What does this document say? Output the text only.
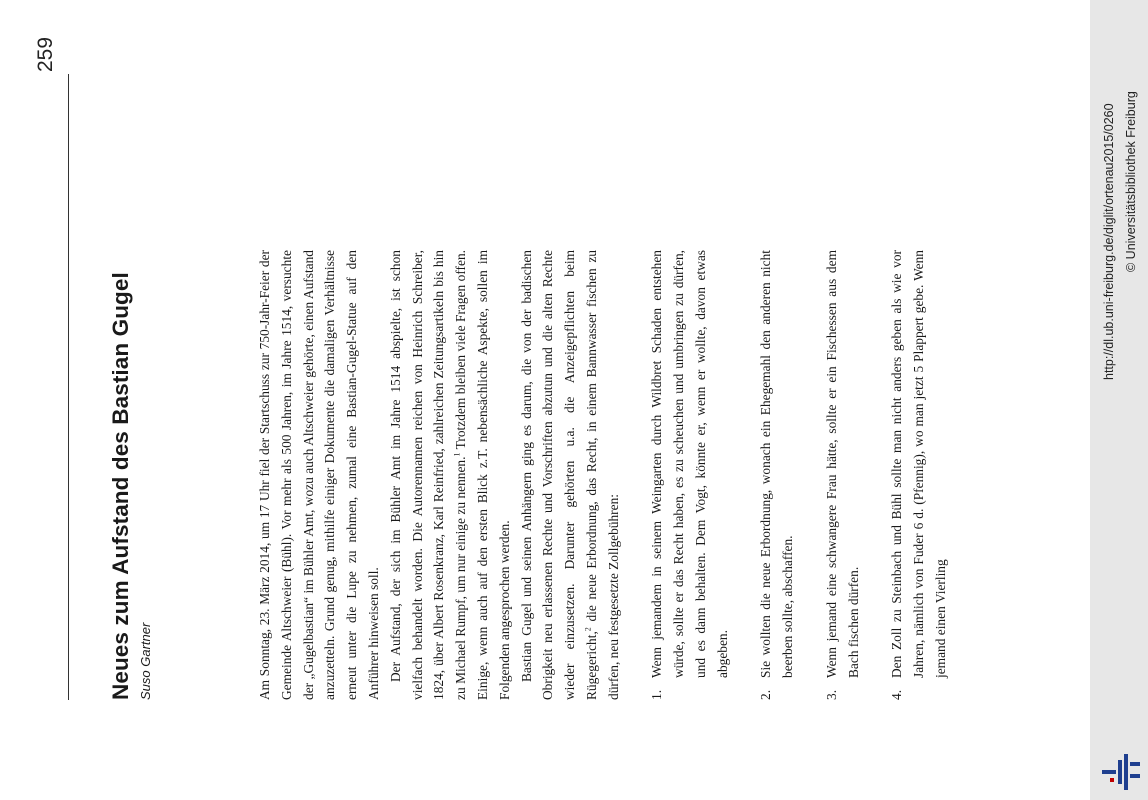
259
Neues zum Aufstand des Bastian Gugel Suso Gartner	Am Sonntag, 23. März 2014, um 17 Uhr fiel der Startschuss zur 750-Jahr-Feier der Gemeinde Altschweier (Bühl). Vor mehr als 500 Jahren, im Jahre 1514, versuchte der „Gugelbastian“ im Bühler Amt, wozu auch Altschweier gehörte, einen Aufstand anzuzetteln. Grund genug, mithilfe einiger Dokumente die damaligen Verhältnisse erneut unter die Lupe zu nehmen, zumal eine Bastian-Gugel-Statue auf den Anführer hinweisen soll. Der Aufstand, der sich im Bühler Amt im Jahre 1514 abspielte, ist schon vielfach behandelt worden. Die Autorennamen reichen von Heinrich Schreiber, 1824, über Albert Rosenkranz, Karl Reinfried, zahlreichen Zeitungsartikeln bis hin zu Michael Rumpf, um nur einige zu nennen.$^1$ Trotzdem bleiben viele Fragen offen. Einige, wenn auch auf den ersten Blick z.T. nebensächliche Aspekte, sollen im Folgenden angesprochen werden. Bastian Gugel und seinen Anhängern ging es darum, die von der badischen Obrigkeit neu erlassenen Rechte und Vorschriften abzutun und die alten Rechte wieder einzusetzen. Darunter gehörten u.a. die Anzeigepflichten beim Rügegericht,$^2$ die neue Erbordnung, das Recht, in einem Bannwasser fischen zu dürfen, neu festgesetzte Zollgebühren: 1.
Wenn jemandem in seinem Weingarten durch Wildbret Schaden entstehen würde, sollte er das Recht haben, es zu scheuchen und umbringen zu dürfen, und es dann behalten. Dem Vogt, könnte er, wenn er wollte, davon etwas abgeben.
2.
Sie wollten die neue Erbordnung, wonach ein Ehegemahl den anderen nicht beerben sollte, abschaffen.
3.
Wenn jemand eine schwangere Frau hätte, sollte er ein Fischessen aus dem Bach fischen dürfen.
4.
Den Zoll zu Steinbach und Bühl sollte man nicht anders geben als wie vor Jahren, nämlich von Fuder 6 d. (Pfennig), wo man jetzt 5 Plappert gebe. Wenn jemand einen Vierling
http://dl.ub.uni-freiburg.de/diglit/ortenau2015/0260 © Universitätsbibliothek Freiburg
